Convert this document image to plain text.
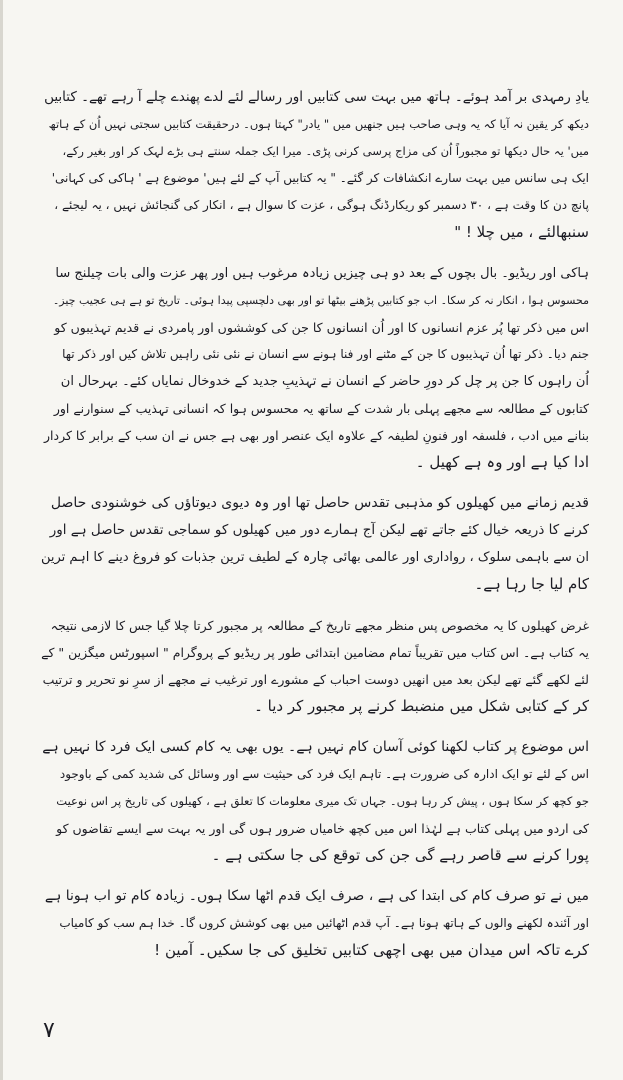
یادِ رمہدی بر آمد ہوئے۔ ہاتھ میں بہت سی کتابیں اور رسالے لئے لدے پھندے چلے آ رہے تھے۔ کتابیں
دیکھ کر یقین نہ آیا کہ یہ وہی صاحب ہیں جنھیں میں " یادر" کہتا ہوں۔ درحقیقت کتابیں سجتی نہیں اُن کے ہاتھ
میں' یہ حال دیکھا تو مجبوراً اُن کی مزاج پرسی کرنی پڑی۔ میرا ایک جملہ سنتے ہی بڑے لہک کر اور بغیر رکے،
ایک ہی سانس میں بہت سارے انکشافات کر گئے۔ " یہ کتابیں آپ کے لئے ہیں' موضوع ہے ' ہاکی کی کہانی'
پانچ دن کا وقت ہے ، ۳۰ دسمبر کو ریکارڈنگ ہوگی ، عزت کا سوال ہے ، انکار کی گنجائش نہیں ، یہ لیجئے ،
سنبھالئے ، میں چلا ! "
ہاکی اور ریڈیو۔ بال بچوں کے بعد دو ہی چیزیں زیادہ مرغوب ہیں اور پھر عزت والی بات چیلنج سا
محسوس ہوا ، انکار نہ کر سکا۔ اب جو کتابیں پڑھنے بیٹھا تو اور بھی دلچسپی پیدا ہوئی۔ تاریخ تو ہے ہی عجیب چیز۔
اس میں ذکر تھا پُر عزم انسانوں کا اور اُن انسانوں کا جن کی کوششوں اور پامردی نے قدیم تہذیبوں کو
جنم دیا۔ ذکر تھا اُن تہذیبوں کا جن کے مٹنے اور فنا ہونے سے انسان نے نئی نئی راہیں تلاش کیں اور ذکر تھا
اُن راہوں کا جن پر چل کر دورِ حاضر کے انسان نے تہذیبِ جدید کے خدوخال نمایاں کئے۔ بہرحال ان
کتابوں کے مطالعہ سے مجھے پہلی بار شدت کے ساتھ یہ محسوس ہوا کہ انسانی تہذیب کے سنوارنے اور
بنانے میں ادب ، فلسفہ اور فنونِ لطیفہ کے علاوہ ایک عنصر اور بھی ہے جس نے ان سب کے برابر کا کردار
ادا کیا ہے اور وہ ہے کھیل ۔
قدیم زمانے میں کھیلوں کو مذہبی تقدس حاصل تھا اور وہ دیوی دیوتاؤں کی خوشنودی حاصل
کرنے کا ذریعہ خیال کئے جاتے تھے لیکن آج ہمارے دور میں کھیلوں کو سماجی تقدس حاصل ہے اور
ان سے باہمی سلوک ، رواداری اور عالمی بھائی چارہ کے لطیف ترین جذبات کو فروغ دینے کا اہم ترین
کام لیا جا رہا ہے۔
غرض کھیلوں کا یہ مخصوص پس منظر مجھے تاریخ کے مطالعہ پر مجبور کرتا چلا گیا جس کا لازمی نتیجہ
یہ کتاب ہے۔ اس کتاب میں تقریباً تمام مضامین ابتدائی طور پر ریڈیو کے پروگرام " اسپورٹس میگزین " کے
لئے لکھے گئے تھے لیکن بعد میں انھیں دوست احباب کے مشورے اور ترغیب نے مجھے از سرِ نو تحریر و ترتیب
کر کے کتابی شکل میں منضبط کرنے پر مجبور کر دیا ۔
اس موضوع پر کتاب لکھنا کوئی آسان کام نہیں ہے۔ یوں بھی یہ کام کسی ایک فرد کا نہیں ہے
اس کے لئے تو ایک ادارہ کی ضرورت ہے۔ تاہم ایک فرد کی حیثیت سے اور وسائل کی شدید کمی کے باوجود
جو کچھ کر سکا ہوں ، پیش کر رہا ہوں۔ جہاں تک میری معلومات کا تعلق ہے ، کھیلوں کی تاریخ پر اس نوعیت
کی اردو میں پہلی کتاب ہے لہٰذا اس میں کچھ خامیاں ضرور ہوں گی اور یہ بہت سے ایسے تقاضوں کو
پورا کرنے سے قاصر رہے گی جن کی توقع کی جا سکتی ہے ۔
میں نے تو صرف کام کی ابتدا کی ہے ، صرف ایک قدم اٹھا سکا ہوں۔ زیادہ کام تو اب ہونا ہے
اور آئندہ لکھنے والوں کے ہاتھ ہونا ہے۔ آپ قدم اٹھائیں میں بھی کوشش کروں گا۔ خدا ہم سب کو کامیاب
کرے تاکہ اس میدان میں بھی اچھی کتابیں تخلیق کی جا سکیں۔ آمین !
٧
